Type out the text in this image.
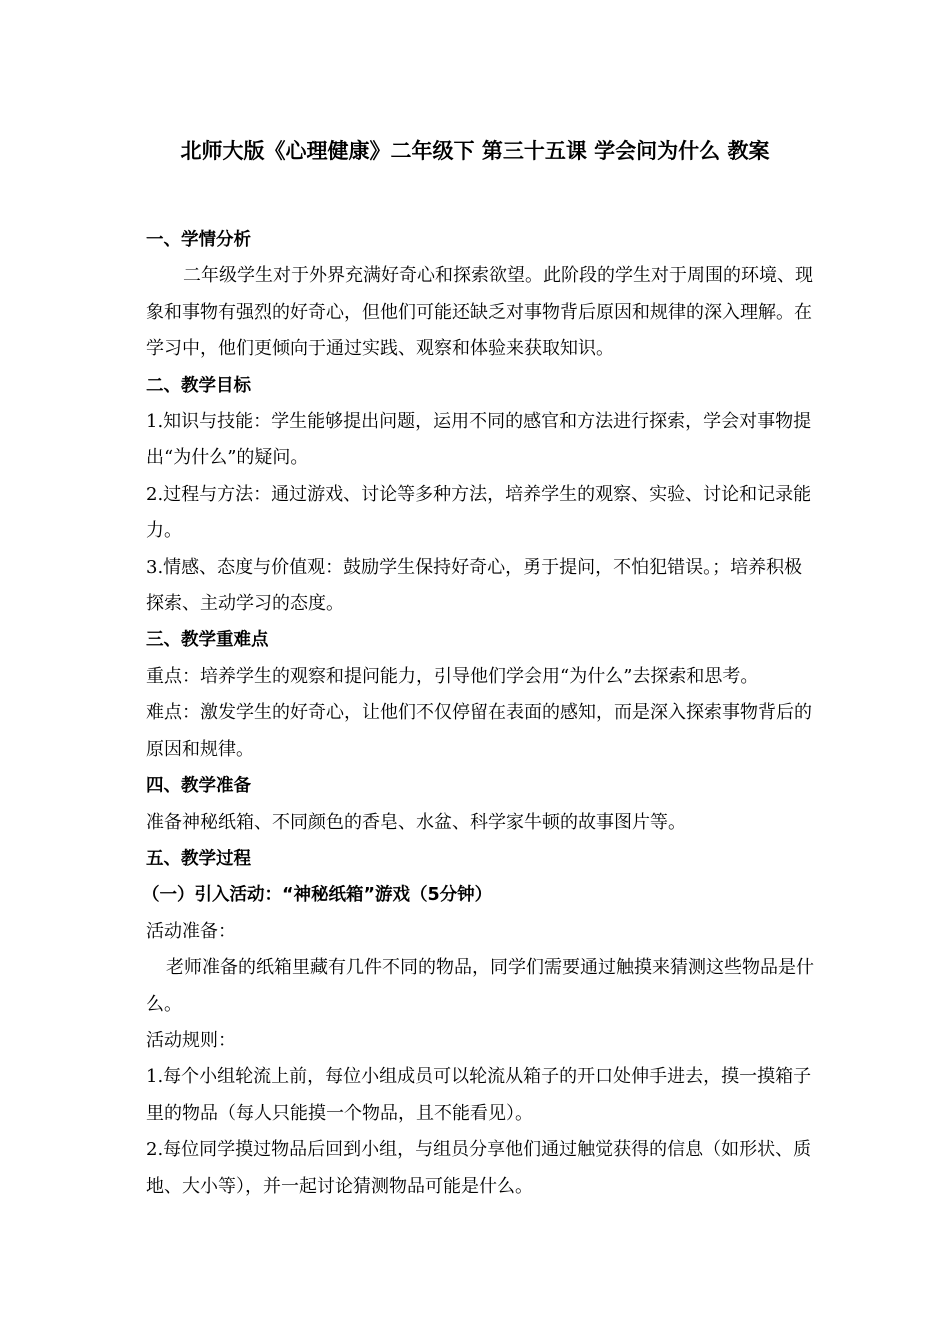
北师大版《心理健康》二年级下 第三十五课 学会问为什么 教案

一、学情分析

二年级学生对于外界充满好奇心和探索欲望。此阶段的学生对于周围的环境、现象和事物有强烈的好奇心，但他们可能还缺乏对事物背后原因和规律的深入理解。在学习中，他们更倾向于通过实践、观察和体验来获取知识。

二、教学目标

1.知识与技能：学生能够提出问题，运用不同的感官和方法进行探索，学会对事物提出“为什么”的疑问。

2.过程与方法：通过游戏、讨论等多种方法，培养学生的观察、实验、讨论和记录能力。

3.情感、态度与价值观：鼓励学生保持好奇心，勇于提问，不怕犯错误。；培养积极探索、主动学习的态度。

三、教学重难点

重点：培养学生的观察和提问能力，引导他们学会用“为什么”去探索和思考。

难点：激发学生的好奇心，让他们不仅停留在表面的感知，而是深入探索事物背后的原因和规律。

四、教学准备

准备神秘纸箱、不同颜色的香皂、水盆、科学家牛顿的故事图片等。

五、教学过程

（一）引入活动：“神秘纸箱”游戏（5分钟）

活动准备：

老师准备的纸箱里藏有几件不同的物品，同学们需要通过触摸来猜测这些物品是什么。

活动规则：

1.每个小组轮流上前，每位小组成员可以轮流从箱子的开口处伸手进去，摸一摸箱子里的物品（每人只能摸一个物品，且不能看见）。

2.每位同学摸过物品后回到小组，与组员分享他们通过触觉获得的信息（如形状、质地、大小等），并一起讨论猜测物品可能是什么。
